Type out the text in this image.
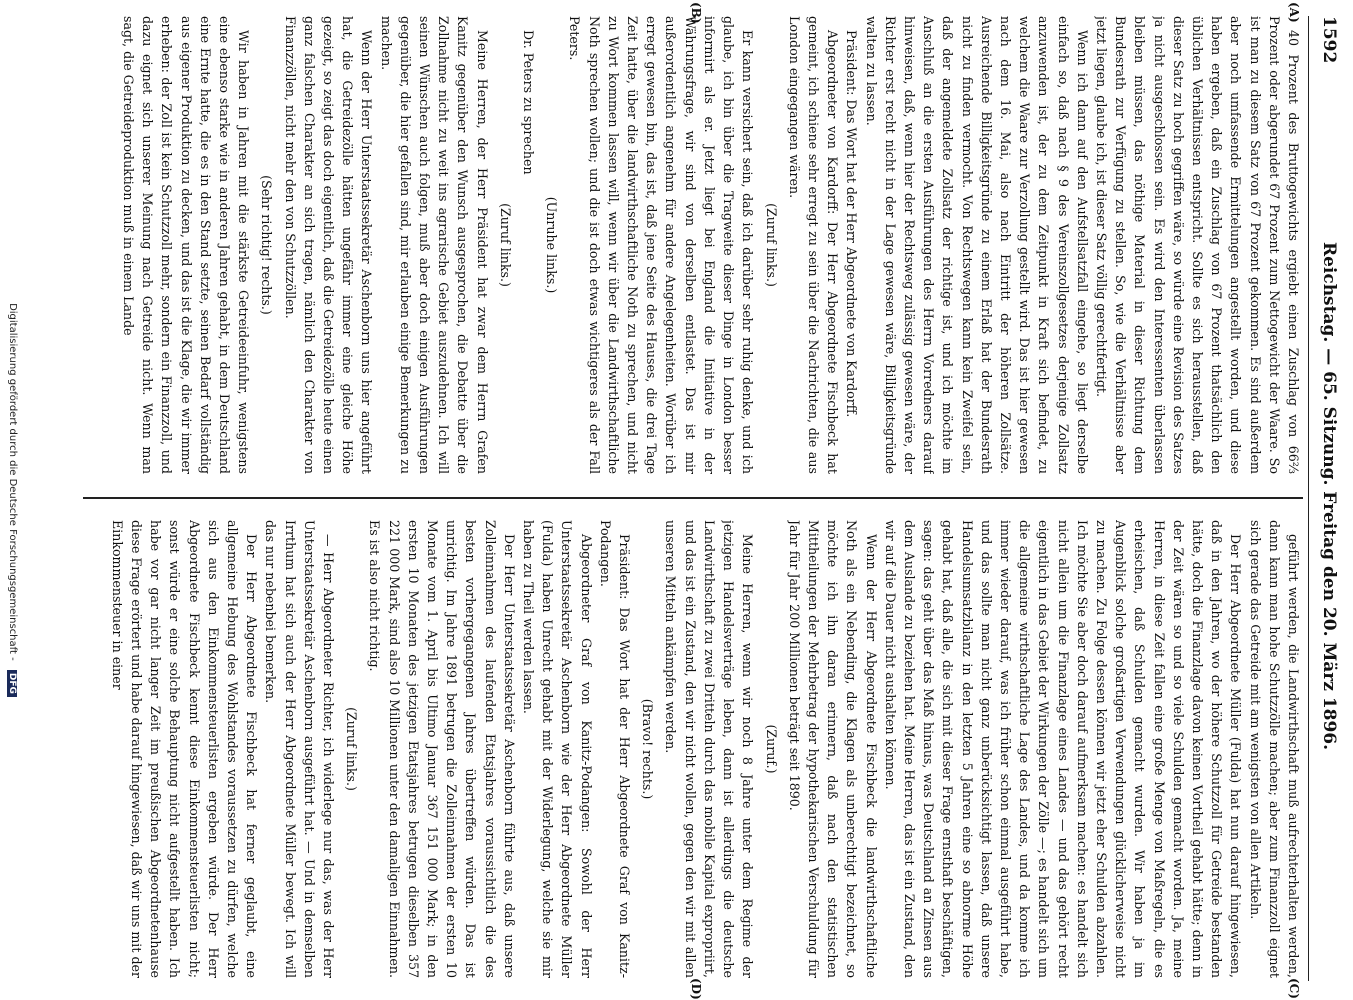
1592
Reichstag. — 65. Sitzung. Freitag den 20. März 1896.
(A)
(B)
(C)
(D)

40 Prozent des Bruttogewichts ergiebt einen Zuschlag von 66⅔ Prozent oder abgerundet 67 Prozent zum Nettogewicht der Waare. So ist man zu diesem Satz von 67 Prozent gekommen. Es sind außerdem aber noch umfassende Ermittelungen angestellt worden, und diese haben ergeben, daß ein Zuschlag von 67 Prozent thatsächlich den üblichen Verhältnissen entspricht. Sollte es sich herausstellen, daß dieser Satz zu hoch gegriffen wäre, so würde eine Revision des Satzes ja nicht ausgeschlossen sein. Es wird den Interessenten überlassen bleiben müssen, das nöthige Material in dieser Richtung dem Bundesrath zur Verfügung zu stellen. So, wie die Verhältnisse aber jetzt liegen, glaube ich, ist dieser Satz völlig gerechtfertigt.

Wenn ich dann auf den Aufstellsatzfall eingehe, so liegt derselbe einfach so, daß nach § 9 des Vereinszollgesetzes derjenige Zollsatz anzuwenden ist, der zu dem Zeitpunkt in Kraft sich befindet, zu welchem die Waare zur Verzollung gestellt wird. Das ist hier gewesen nach dem 16. Mai, also nach Eintritt der höheren Zollsätze. Ausreichende Billigkeitsgründe zu einem Erlaß hat der Bundesrath nicht zu finden vermocht. Von Rechtswegen kann kein Zweifel sein, daß der angemeldete Zollsatz der richtige ist, und ich möchte im Anschluß an die ersten Ausführungen des Herrn Vorredners darauf hinweisen, daß, wenn hier der Rechtsweg zulässig gewesen wäre, der Richter erst recht nicht in der Lage gewesen wäre, Billigkeitsgründe walten zu lassen.

Präsident: Das Wort hat der Herr Abgeordnete von Kardorff.

Abgeordneter von Kardorff: Der Herr Abgeordnete Fischbeck hat gemeint, ich schiene sehr erregt zu sein über die Nachrichten, die aus London eingegangen wären.

(Zuruf links.)

Er kann versichert sein, daß ich darüber sehr ruhig denke, und ich glaube, ich bin über die Tragweite dieser Dinge in London besser informirt als er. Jetzt liegt bei England die Initiative in der Währungsfrage, wir sind von derselben entlastet. Das ist mir außerordentlich angenehm für andere Angelegenheiten. Worüber ich erregt gewesen bin, das ist, daß jene Seite des Hauses, die drei Tage Zeit hatte, über die landwirthschaftliche Noth zu sprechen, und nicht zu Wort kommen lassen will, wenn wir über die Landwirthschaftliche Noth sprechen wollen; und die ist doch etwas wichtigeres als der Fall Peters.

(Unruhe links.)

Dr. Peters zu sprechen

(Zuruf links.)

Meine Herren, der Herr Präsident hat zwar dem Herrn Grafen Kanitz gegenüber den Wunsch ausgesprochen, die Debatte über die Zollnahme nicht zu weit ins agrarische Gebiet auszudehnen. Ich will seinen Wünschen auch folgen, muß aber doch einigen Ausführungen gegenüber, die hier gefallen sind, mir erlauben einige Bemerkungen zu machen.

Wenn der Herr Unterstaatssekretär Aschenborn uns hier angeführt hat, die Getreidezölle hätten ungefähr immer eine gleiche Höhe gezeigt, so zeigt das doch eigentlich, daß die Getreidezölle heute einen ganz falschen Charakter an sich tragen, nämlich den Charakter von Finanzzöllen, nicht mehr den von Schutzzöllen.

(Sehr richtig! rechts.)

Wir haben in Jahren mit die stärkste Getreideeinfuhr, wenigstens eine ebenso starke wie in anderen Jahren gehabt, in dem Deutschland eine Ernte hatte, die es in den Stand setzte, seinen Bedarf vollständig aus eigener Produktion zu decken, und das ist die Klage, die wir immer erheben: der Zoll ist kein Schutzzoll mehr, sondern ein Finanzzoll, und dazu eignet sich unserer Meinung nach Getreide nicht. Wenn man sagt, die Getreideproduktion muß in einem Lande

geführt werden, die Landwirthschaft muß aufrechterhalten werden, dann kann man hohe Schutzzölle machen; aber zum Finanzzoll eignet sich gerade das Getreide mit am wenigsten von allen Artikeln.

Der Herr Abgeordnete Müller (Fulda) hat nun darauf hingewiesen, daß in den Jahren, wo der höhere Schutzzoll für Getreide bestanden hätte, doch die Finanzlage davon keinen Vortheil gehabt hätte; denn in der Zeit wären so und so viele Schulden gemacht worden. Ja, meine Herren, in diese Zeit fallen eine große Menge von Maßregeln, die es erheischen, daß Schulden gemacht wurden. Wir haben ja im Augenblick solche großartigen Verwendungen glücklicherweise nicht zu machen. Zu Folge dessen können wir jetzt eher Schulden abzahlen. Ich möchte Sie aber doch darauf aufmerksam machen: es handelt sich nicht allein um die Finanzlage eines Landes — und das gehört recht eigentlich in das Gebiet der Wirkungen der Zölle —; es handelt sich um die allgemeine wirthschaftliche Lage des Landes, und da komme ich immer wieder darauf, was ich früher schon einmal ausgeführt habe, und das sollte man nicht ganz unberücksichtigt lassen, daß unsere Handelsumsatzbilanz in den letzten 5 Jahren eine so abnorme Höhe gehabt hat, daß alle, die sich mit dieser Frage ernsthaft beschäftigen, sagen: das geht über das Maß hinaus, was Deutschland an Zinsen aus dem Auslande zu beziehen hat. Meine Herren, das ist ein Zustand, den wir auf die Dauer nicht aushalten können.

Wenn der Herr Abgeordnete Fischbeck die landwirthschaftliche Noth als ein Nebending, die Klagen als unberechtigt bezeichnet, so möchte ich ihn daran erinnern, daß nach den statistischen Mittheilungen der Mehrbetrag der hypothekarischen Verschuldung für Jahr für Jahr 200 Millionen beträgt seit 1890.

(Zuruf.)

Meine Herren, wenn wir noch 8 Jahre unter dem Regime der jetzigen Handelsverträge leben, dann ist allerdings die deutsche Landwirthschaft zu zwei Dritteln durch das mobile Kapital expropriirt, und das ist ein Zustand, den wir nicht wollen, gegen den wir mit allen unseren Mitteln ankämpfen werden.

(Bravo! rechts.)

Präsident: Das Wort hat der Herr Abgeordnete Graf von Kanitz-Podangen.

Abgeordneter Graf von Kanitz-Podangen: Sowohl der Herr Unterstaatssekretär Aschenborn wie der Herr Abgeordnete Müller (Fulda) haben Unrecht gehabt mit der Widerlegung, welche sie mir haben zu Theil werden lassen.

Der Herr Unterstaatssekretär Aschenborn führte aus, daß unsere Zolleinnahmen des laufenden Etatsjahres voraussichtlich die des besten vorhergegangenen Jahres übertreffen würden. Das ist unrichtig. Im Jahre 1891 betrugen die Zolleinnahmen der ersten 10 Monate vom 1. April bis Ultimo Januar 367 151 000 Mark; in den ersten 10 Monaten des jetzigen Etatsjahres betrugen dieselben 357 221 000 Mark, sind also 10 Millionen unter den damaligen Einnahmen. Es ist also nicht richtig.

(Zuruf links.)

— Herr Abgeordneter Richter, ich widerlege nur das, was der Herr Unterstaatssekretär Aschenborn ausgeführt hat. — Und in demselben Irrthum hat sich auch der Herr Abgeordnete Müller bewegt. Ich will das nur nebenbei bemerken.

Der Herr Abgeordnete Fischbeck hat ferner geglaubt, eine allgemeine Hebung des Wohlstandes voraussetzen zu dürfen, welche sich aus den Einkommensteuerlisten ergeben würde. Der Herr Abgeordnete Fischbeck kennt diese Einkommensteuerlisten nicht; sonst würde er eine solche Behauptung nicht aufgestellt haben. Ich habe vor gar nicht langer Zeit im preußischen Abgeordnetenhause diese Frage erörtert und habe darauf hingewiesen, daß wir uns mit der Einkommensteuer in einer

Digitalisierung gefördert durch die Deutsche Forschungsgemeinschaft - DFG
